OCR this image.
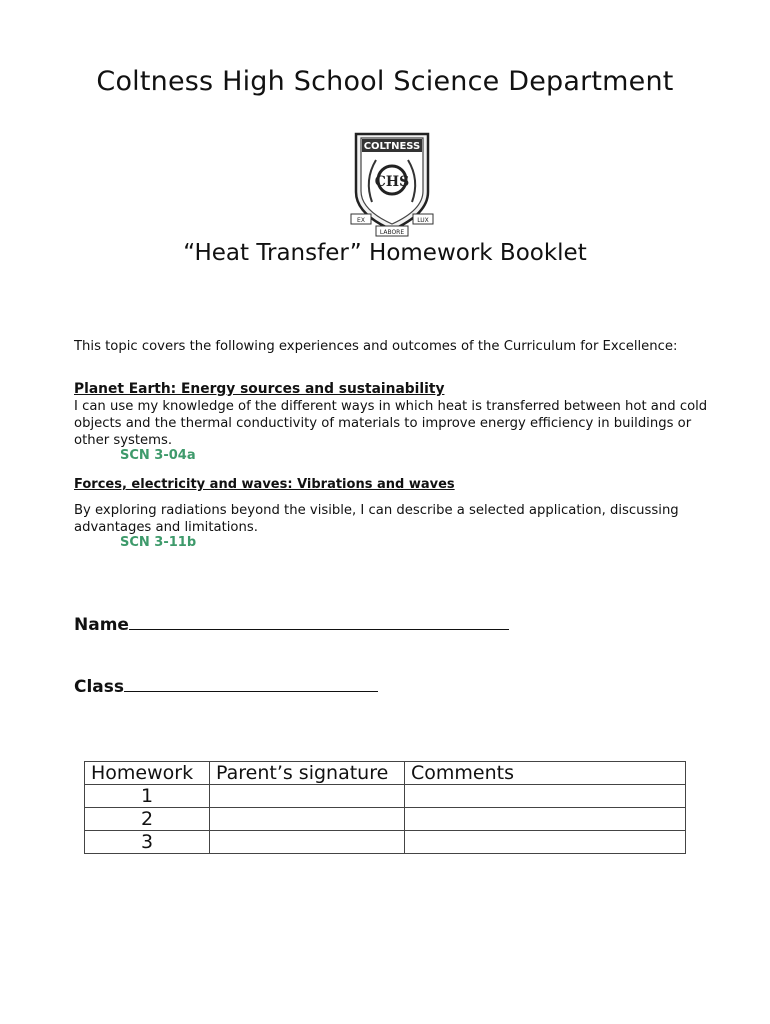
Coltness High School Science Department
COLTNESS
CHS
EX	LUX
LABORE
“Heat Transfer” Homework Booklet
This topic covers the following experiences and outcomes of the Curriculum for Excellence:
Planet Earth: Energy sources and sustainability
I can use my knowledge of the different ways in which heat is transferred between hot and cold objects and the thermal conductivity of materials to improve energy efficiency in buildings or other systems.
SCN 3-04a
Forces, electricity and waves: Vibrations and waves
By exploring radiations beyond the visible, I can describe a selected application, discussing advantages and limitations.
SCN 3-11b
Name
Class
Homework	Parent’s signature	Comments
1		
2		
3		
